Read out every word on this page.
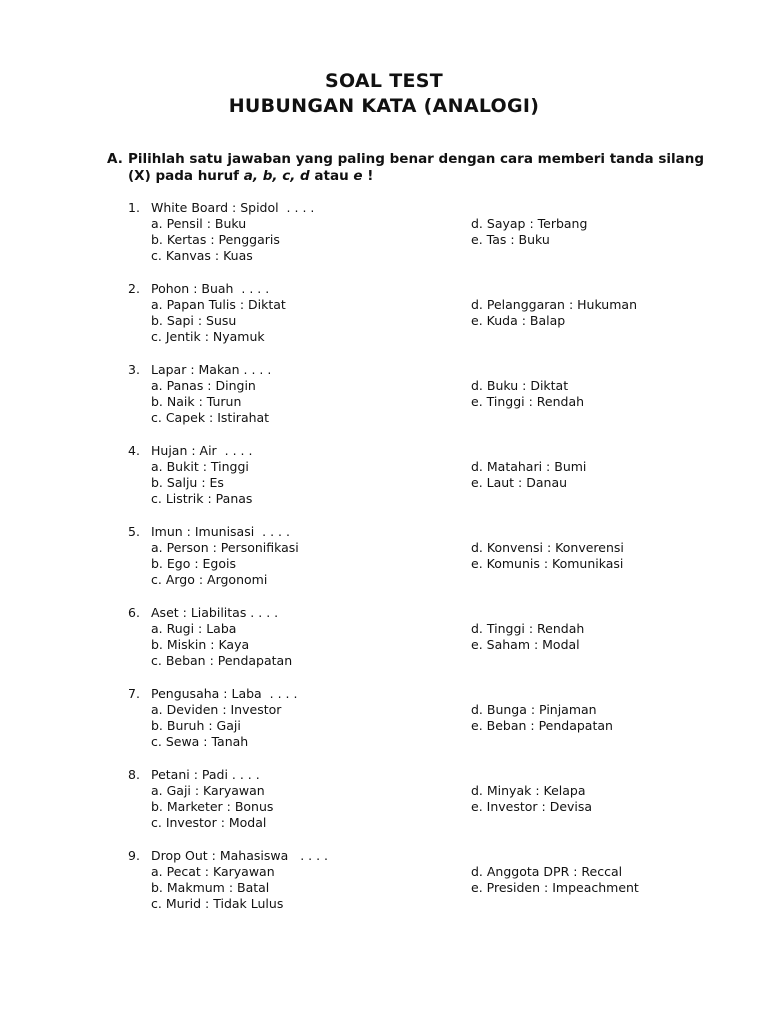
SOAL TEST
HUBUNGAN KATA (ANALOGI)
A. Pilihlah satu jawaban yang paling benar dengan cara memberi tanda silang (X) pada huruf a, b, c, d atau e !
1. White Board : Spidol  . . . .
a. Pensil : Buku
b. Kertas : Penggaris
c. Kanvas : Kuas
d. Sayap : Terbang
e. Tas : Buku
2. Pohon : Buah  . . . .
a. Papan Tulis : Diktat
b. Sapi : Susu
c. Jentik : Nyamuk
d. Pelanggaran : Hukuman
e. Kuda : Balap
3. Lapar : Makan . . . .
a. Panas : Dingin
b. Naik : Turun
c. Capek : Istirahat
d. Buku : Diktat
e. Tinggi : Rendah
4. Hujan : Air  . . . .
a. Bukit : Tinggi
b. Salju : Es
c. Listrik : Panas
d. Matahari : Bumi
e. Laut : Danau
5. Imun : Imunisasi  . . . .
a. Person : Personifikasi
b. Ego : Egois
c. Argo : Argonomi
d. Konvensi : Konverensi
e. Komunis : Komunikasi
6. Aset : Liabilitas . . . .
a. Rugi : Laba
b. Miskin : Kaya
c. Beban : Pendapatan
d. Tinggi : Rendah
e. Saham : Modal
7. Pengusaha : Laba  . . . .
a. Deviden : Investor
b. Buruh : Gaji
c. Sewa : Tanah
d. Bunga : Pinjaman
e. Beban : Pendapatan
8. Petani : Padi . . . .
a. Gaji : Karyawan
b. Marketer : Bonus
c. Investor : Modal
d. Minyak : Kelapa
e. Investor : Devisa
9. Drop Out : Mahasiswa   . . . .
a. Pecat : Karyawan
b. Makmum : Batal
c. Murid : Tidak Lulus
d. Anggota DPR : Reccal
e. Presiden : Impeachment
